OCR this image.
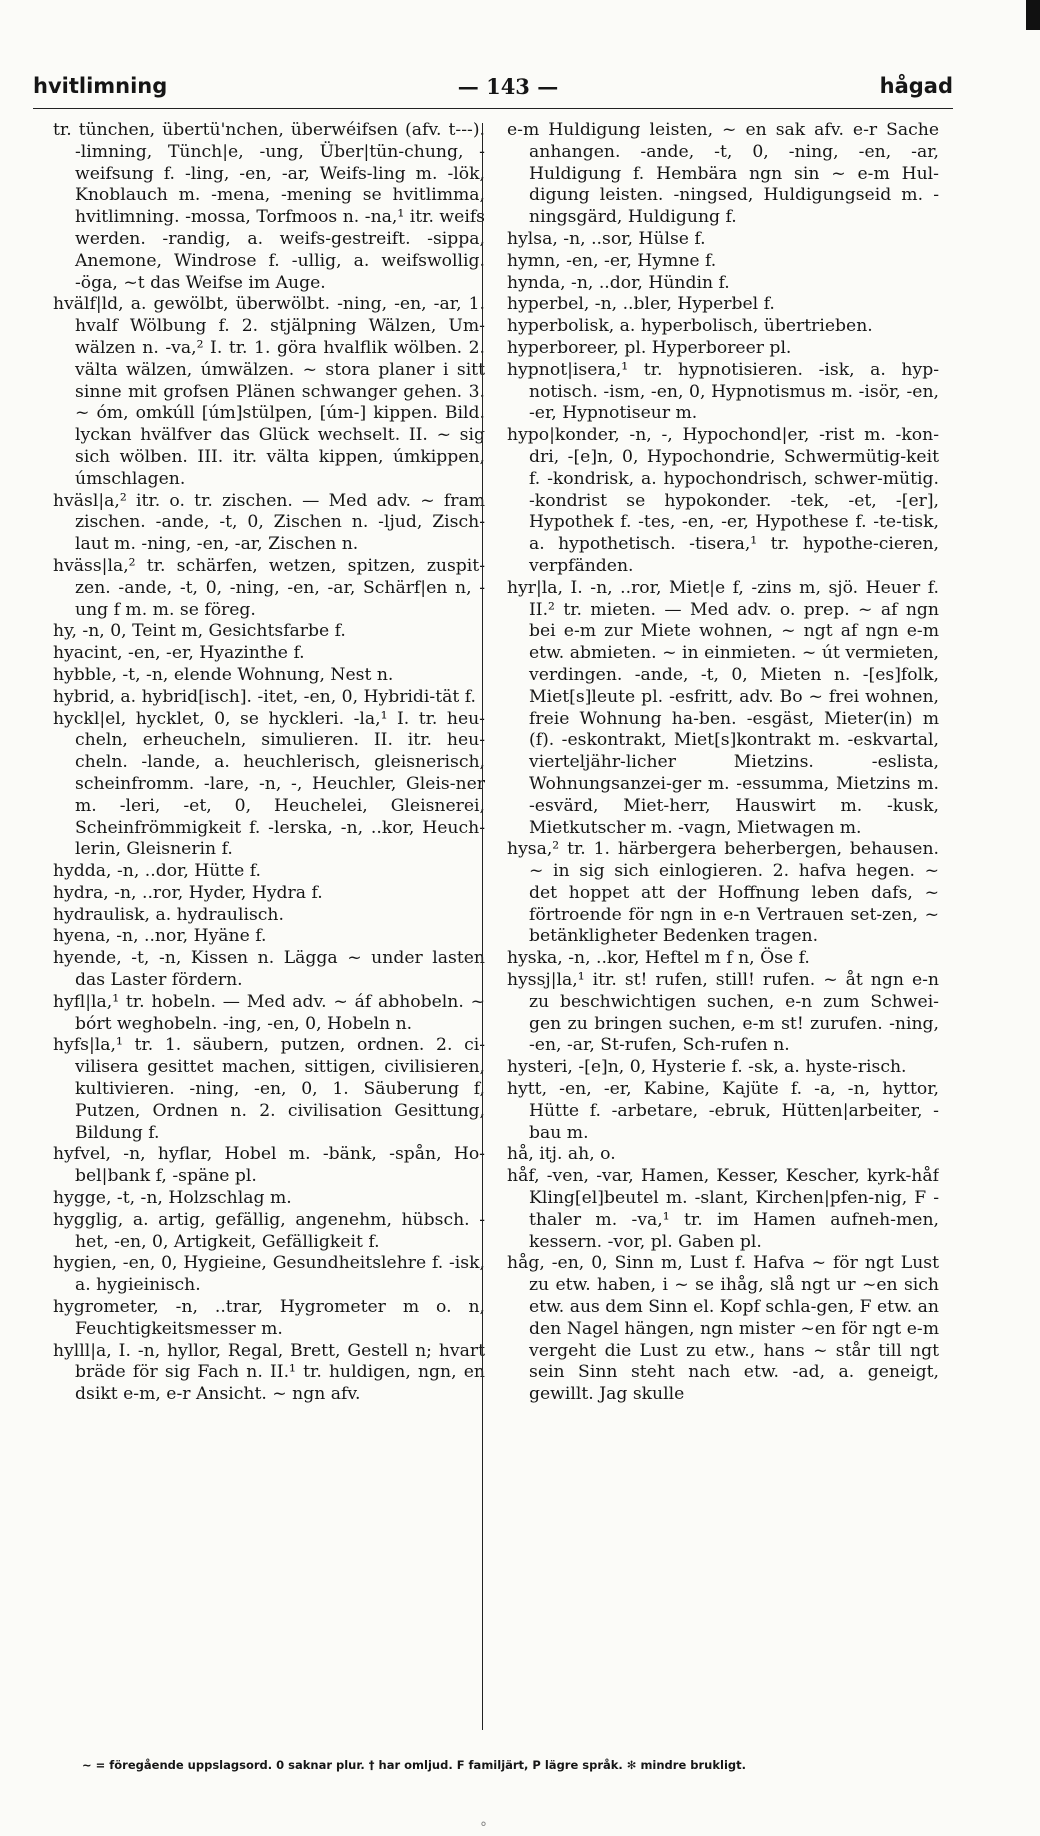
hvitlimning	— 143 —	hågad

tr. tünchen, übertü'nchen, überwéifsen (afv. t---). -limning, Tünch|e, -ung, Über|tün-chung, -weifsung f. -ling, -en, -ar, Weifs-ling m. -lök, Knoblauch m. -mena, -mening se hvitlimma, hvitlimning. -mossa, Torfmoos n. -na,¹ itr. weifs werden. -randig, a. weifs-gestreift. -sippa, Anemone, Windrose f. -ullig, a. weifswollig. -öga, ~t das Weifse im Auge.

hvälf|ld, a. gewölbt, überwölbt. -ning, -en, -ar, 1. hvalf Wölbung f. 2. stjälpning Wälzen, Um-wälzen n. -va,² I. tr. 1. göra hvalflik wölben. 2. välta wälzen, úmwälzen. ~ stora planer i sitt sinne mit grofsen Plänen schwanger gehen. 3. ~ óm, omkúll [úm]stülpen, [úm-] kippen. Bild. lyckan hvälfver das Glück wechselt. II. ~ sig sich wölben. III. itr. välta kippen, úmkippen, úmschlagen.

hväsl|a,² itr. o. tr. zischen. — Med adv. ~ fram zischen. -ande, -t, 0, Zischen n. -ljud, Zisch-laut m. -ning, -en, -ar, Zischen n.

hväss|la,² tr. schärfen, wetzen, spitzen, zuspit-zen. -ande, -t, 0, -ning, -en, -ar, Schärf|en n, -ung f m. m. se föreg.

hy, -n, 0, Teint m, Gesichtsfarbe f.

hyacint, -en, -er, Hyazinthe f.

hybble, -t, -n, elende Wohnung, Nest n.

hybrid, a. hybrid[isch]. -itet, -en, 0, Hybridi-tät f.

hyckl|el, hycklet, 0, se hyckleri. -la,¹ I. tr. heu-cheln, erheucheln, simulieren. II. itr. heu-cheln. -lande, a. heuchlerisch, gleisnerisch, scheinfromm. -lare, -n, -, Heuchler, Gleis-ner m. -leri, -et, 0, Heuchelei, Gleisnerei, Scheinfrömmigkeit f. -lerska, -n, ..kor, Heuch-lerin, Gleisnerin f.

hydda, -n, ..dor, Hütte f.

hydra, -n, ..ror, Hyder, Hydra f.

hydraulisk, a. hydraulisch.

hyena, -n, ..nor, Hyäne f.

hyende, -t, -n, Kissen n. Lägga ~ under lasten das Laster fördern.

hyfl|la,¹ tr. hobeln. — Med adv. ~ áf abhobeln. ~ bórt weghobeln. -ing, -en, 0, Hobeln n.

hyfs|la,¹ tr. 1. säubern, putzen, ordnen. 2. ci-vilisera gesittet machen, sittigen, civilisieren, kultivieren. -ning, -en, 0, 1. Säuberung f, Putzen, Ordnen n. 2. civilisation Gesittung, Bildung f.

hyfvel, -n, hyflar, Hobel m. -bänk, -spån, Ho-bel|bank f, -späne pl.

hygge, -t, -n, Holzschlag m.

hygglig, a. artig, gefällig, angenehm, hübsch. -het, -en, 0, Artigkeit, Gefälligkeit f.

hygien, -en, 0, Hygieine, Gesundheitslehre f. -isk, a. hygieinisch.

hygrometer, -n, ..trar, Hygrometer m o. n, Feuchtigkeitsmesser m.

hylll|a, I. -n, hyllor, Regal, Brett, Gestell n; hvart bräde för sig Fach n. II.¹ tr. huldigen, ngn, en dsikt e-m, e-r Ansicht. ~ ngn afv.

e-m Huldigung leisten, ~ en sak afv. e-r Sache anhangen. -ande, -t, 0, -ning, -en, -ar, Huldigung f. Hembära ngn sin ~ e-m Hul-digung leisten. -ningsed, Huldigungseid m. -ningsgärd, Huldigung f.

hylsa, -n, ..sor, Hülse f.

hymn, -en, -er, Hymne f.

hynda, -n, ..dor, Hündin f.

hyperbel, -n, ..bler, Hyperbel f.

hyperbolisk, a. hyperbolisch, übertrieben.

hyperboreer, pl. Hyperboreer pl.

hypnot|isera,¹ tr. hypnotisieren. -isk, a. hyp-notisch. -ism, -en, 0, Hypnotismus m. -isör, -en, -er, Hypnotiseur m.

hypo|konder, -n, -, Hypochond|er, -rist m. -kon-dri, -[e]n, 0, Hypochondrie, Schwermütig-keit f. -kondrisk, a. hypochondrisch, schwer-mütig. -kondrist se hypokonder. -tek, -et, -[er], Hypothek f. -tes, -en, -er, Hypothese f. -te-tisk, a. hypothetisch. -tisera,¹ tr. hypothe-cieren, verpfänden.

hyr|la, I. -n, ..ror, Miet|e f, -zins m, sjö. Heuer f. II.² tr. mieten. — Med adv. o. prep. ~ af ngn bei e-m zur Miete wohnen, ~ ngt af ngn e-m etw. abmieten. ~ in einmieten. ~ út vermieten, verdingen. -ande, -t, 0, Mieten n. -[es]folk, Miet[s]leute pl. -esfritt, adv. Bo ~ frei wohnen, freie Wohnung ha-ben. -esgäst, Mieter(in) m (f). -eskontrakt, Miet[s]kontrakt m. -eskvartal, vierteljähr-licher Mietzins. -eslista, Wohnungsanzei-ger m. -essumma, Mietzins m. -esvärd, Miet-herr, Hauswirt m. -kusk, Mietkutscher m. -vagn, Mietwagen m.

hysa,² tr. 1. härbergera beherbergen, behausen. ~ in sig sich einlogieren. 2. hafva hegen. ~ det hoppet att der Hoffnung leben dafs, ~ förtroende för ngn in e-n Vertrauen set-zen, ~ betänkligheter Bedenken tragen.

hyska, -n, ..kor, Heftel m f n, Öse f.

hyssj|la,¹ itr. st! rufen, still! rufen. ~ åt ngn e-n zu beschwichtigen suchen, e-n zum Schwei-gen zu bringen suchen, e-m st! zurufen. -ning, -en, -ar, St-rufen, Sch-rufen n.

hysteri, -[e]n, 0, Hysterie f. -sk, a. hyste-risch.

hytt, -en, -er, Kabine, Kajüte f. -a, -n, hyttor, Hütte f. -arbetare, -ebruk, Hütten|arbeiter, -bau m.

hå, itj. ah, o.

håf, -ven, -var, Hamen, Kesser, Kescher, kyrk-håf Kling[el]beutel m. -slant, Kirchen|pfen-nig, F -thaler m. -va,¹ tr. im Hamen aufneh-men, kessern. -vor, pl. Gaben pl.

håg, -en, 0, Sinn m, Lust f. Hafva ~ för ngt Lust zu etw. haben, i ~ se ihåg, slå ngt ur ~en sich etw. aus dem Sinn el. Kopf schla-gen, F etw. an den Nagel hängen, ngn mister ~en för ngt e-m vergeht die Lust zu etw., hans ~ står till ngt sein Sinn steht nach etw. -ad, a. geneigt, gewillt. Jag skulle

~ = föregående uppslagsord. 0 saknar plur. † har omljud. F familjärt, P lägre språk. ✻ mindre brukligt.
°
